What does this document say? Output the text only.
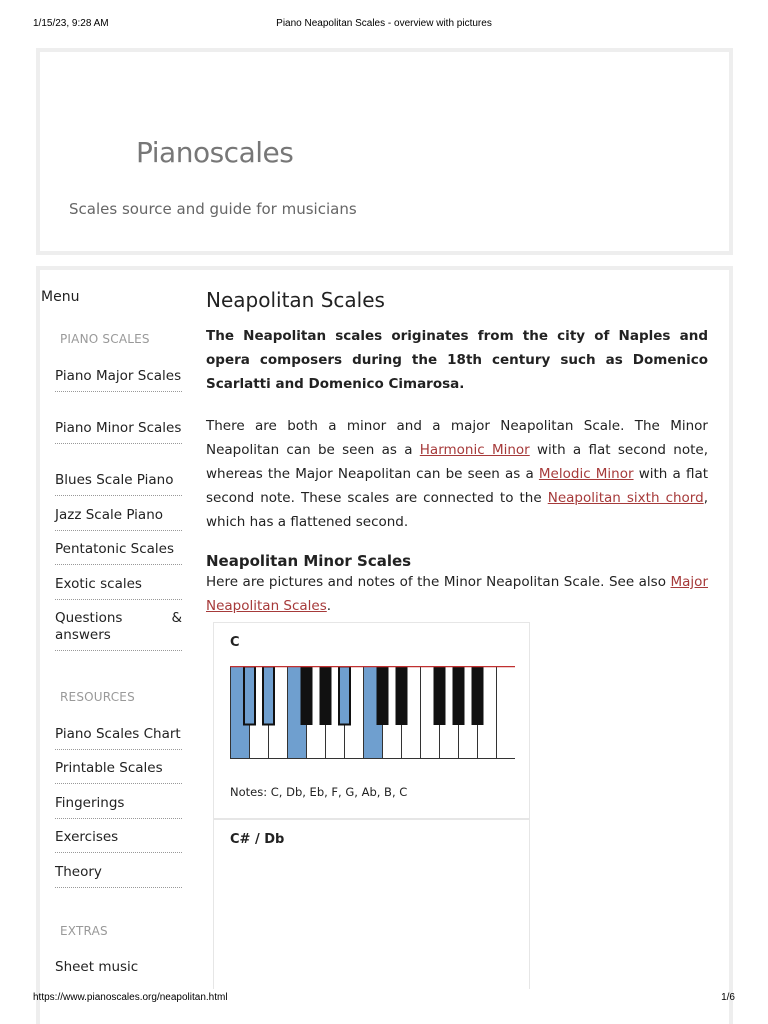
1/15/23, 9:28 AM	Piano Neapolitan Scales - overview with pictures
Pianoscales
Scales source and guide for musicians
Menu
PIANO SCALES
Piano Major Scales
Piano Minor Scales
Blues Scale Piano
Jazz Scale Piano
Pentatonic Scales
Exotic scales
Questions & answers
RESOURCES
Piano Scales Chart
Printable Scales
Fingerings
Exercises
Theory
EXTRAS
Sheet music
Neapolitan Scales

The Neapolitan scales originates from the city of Naples and opera composers during the 18th century such as Domenico Scarlatti and Domenico Cimarosa.

There are both a minor and a major Neapolitan Scale. The Minor Neapolitan can be seen as a Harmonic Minor with a flat second note, whereas the Major Neapolitan can be seen as a Melodic Minor with a flat second note. These scales are connected to the Neapolitan sixth chord, which has a flattened second.

Neapolitan Minor Scales

Here are pictures and notes of the Minor Neapolitan Scale. See also Major Neapolitan Scales.

C
Notes: C, Db, Eb, F, G, Ab, B, C
C# / Db
https://www.pianoscales.org/neapolitan.html	1/6
